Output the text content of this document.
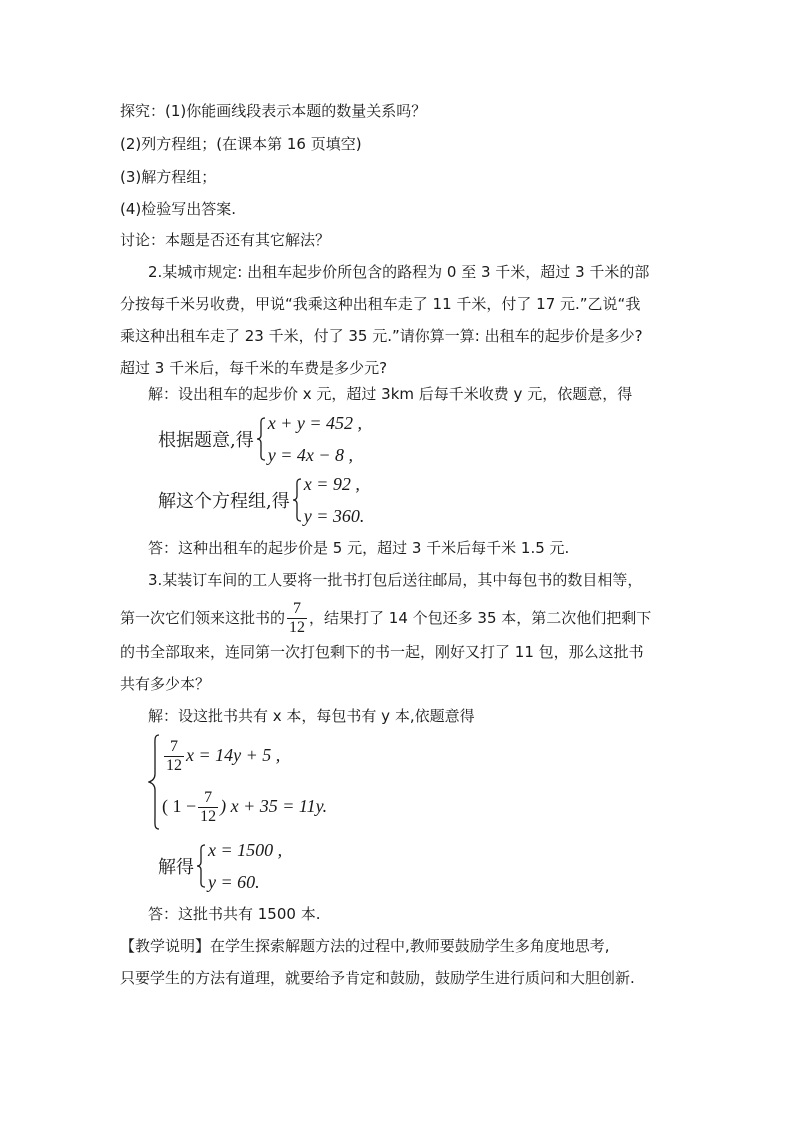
探究：(1)你能画线段表示本题的数量关系吗？
(2)列方程组；(在课本第 16 页填空)
(3)解方程组；
(4)检验写出答案.
讨论：本题是否还有其它解法？
2.某城市规定: 出租车起步价所包含的路程为 0 至 3 千米，超过 3 千米的部
分按每千米另收费，甲说“我乘这种出租车走了 11 千米，付了 17 元.”乙说“我
乘这种出租车走了 23 千米，付了 35 元.”请你算一算: 出租车的起步价是多少?
超过 3 千米后，每千米的车费是多少元?
解：设出租车的起步价 x 元，超过 3km 后每千米收费 y 元，依题意，得
根据题意,得
x + y = 452 ,
y = 4x − 8 ,
解这个方程组,得
x = 92 ,
y = 360.
答：这种出租车的起步价是 5 元，超过 3 千米后每千米 1.5 元.
3.某装订车间的工人要将一批书打包后送往邮局，其中每包书的数目相等，
第一次它们领来这批书的 $\frac{7}{12}$ ，结果打了 14 个包还多 35 本，第二次他们把剩下
的书全部取来，连同第一次打包剩下的书一起，刚好又打了 11 包，那么这批书
共有多少本？
解：设这批书共有 x 本，每包书有 y 本,依题意得
$\frac{7}{12}$ x = 14y + 5 ,
( $1 - \frac{7}{12}$ ) x + 35 = 11y.
解得
x = 1500 ,
y = 60.
答：这批书共有 1500 本.
【教学说明】在学生探索解题方法的过程中,教师要鼓励学生多角度地思考,
只要学生的方法有道理，就要给予肯定和鼓励，鼓励学生进行质问和大胆创新.
